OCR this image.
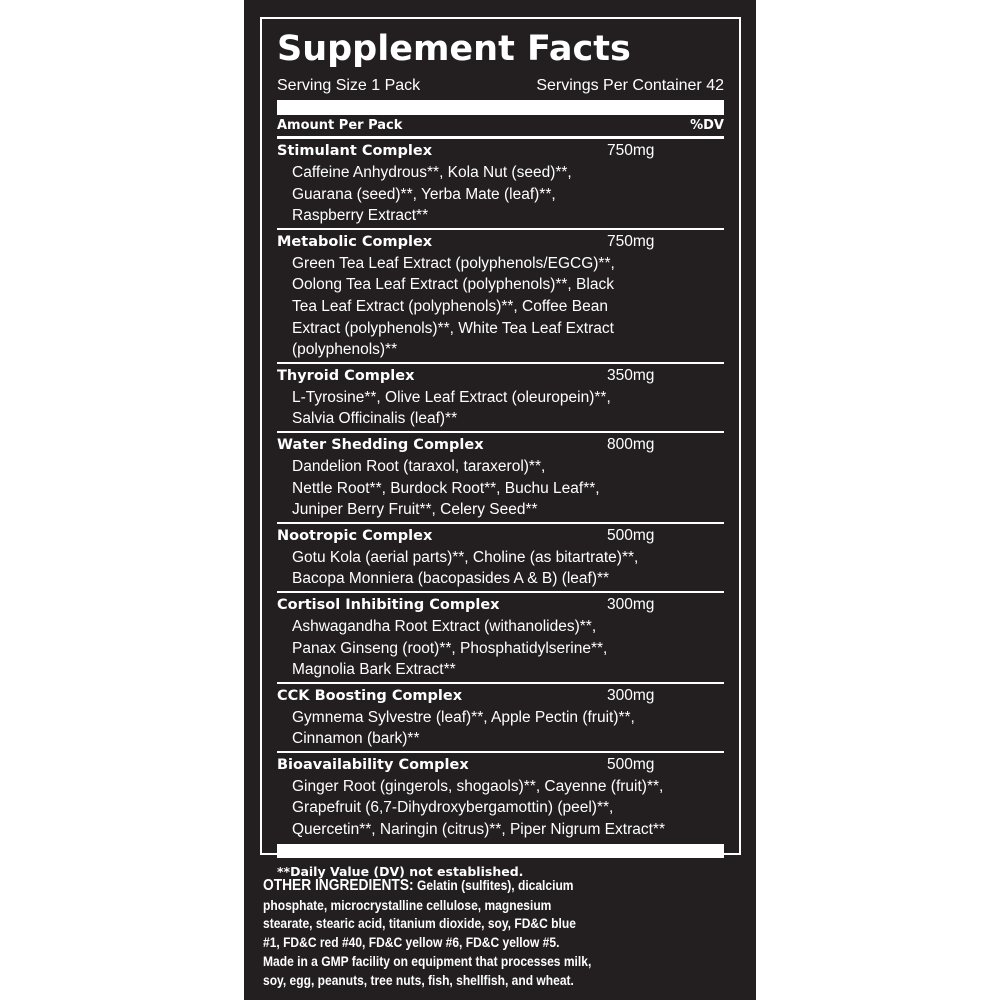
Supplement Facts
Serving Size 1 Pack	Servings Per Container 42
Amount Per Pack	%DV
Stimulant Complex	750mg
Caffeine Anhydrous**, Kola Nut (seed)**,
Guarana (seed)**, Yerba Mate (leaf)**,
Raspberry Extract**
Metabolic Complex	750mg
Green Tea Leaf Extract (polyphenols/EGCG)**,
Oolong Tea Leaf Extract (polyphenols)**, Black
Tea Leaf Extract (polyphenols)**, Coffee Bean
Extract (polyphenols)**, White Tea Leaf Extract
(polyphenols)**
Thyroid Complex	350mg
L-Tyrosine**, Olive Leaf Extract (oleuropein)**,
Salvia Officinalis (leaf)**
Water Shedding Complex	800mg
Dandelion Root (taraxol, taraxerol)**,
Nettle Root**, Burdock Root**, Buchu Leaf**,
Juniper Berry Fruit**, Celery Seed**
Nootropic Complex	500mg
Gotu Kola (aerial parts)**, Choline (as bitartrate)**,
Bacopa Monniera (bacopasides A & B) (leaf)**
Cortisol Inhibiting Complex	300mg
Ashwagandha Root Extract (withanolides)**,
Panax Ginseng (root)**, Phosphatidylserine**,
Magnolia Bark Extract**
CCK Boosting Complex	300mg
Gymnema Sylvestre (leaf)**, Apple Pectin (fruit)**,
Cinnamon (bark)**
Bioavailability Complex	500mg
Ginger Root (gingerols, shogaols)**, Cayenne (fruit)**,
Grapefruit (6,7-Dihydroxybergamottin) (peel)**,
Quercetin**, Naringin (citrus)**, Piper Nigrum Extract**
**Daily Value (DV) not established.
OTHER INGREDIENTS: Gelatin (sulfites), dicalcium
phosphate, microcrystalline cellulose, magnesium
stearate, stearic acid, titanium dioxide, soy, FD&C blue
#1, FD&C red #40, FD&C yellow #6, FD&C yellow #5.
Made in a GMP facility on equipment that processes milk,
soy, egg, peanuts, tree nuts, fish, shellfish, and wheat.
